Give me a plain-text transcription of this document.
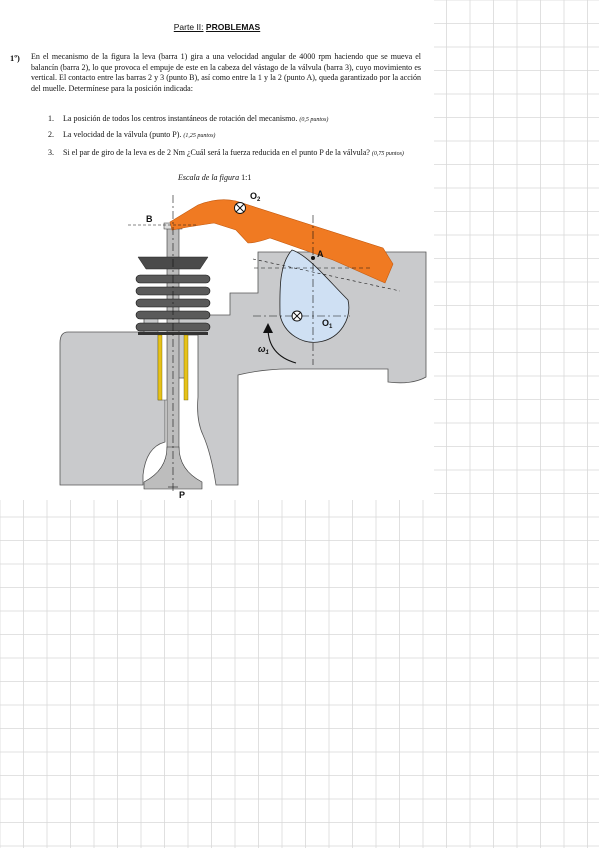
Parte II: PROBLEMAS
1º) En el mecanismo de la figura la leva (barra 1) gira a una velocidad angular de 4000 rpm haciendo que se mueva el balancín (barra 2), lo que provoca el empuje de este en la cabeza del vástago de la válvula (barra 3), cuyo movimiento es vertical. El contacto entre las barras 2 y 3 (punto B), así como entre la 1 y la 2 (punto A), queda garantizado por la acción del muelle. Determínese para la posición indicada:
1.	La posición de todos los centros instantáneos de rotación del mecanismo. (0,5 puntos)
2.	La velocidad de la válvula (punto P). (1,25 puntos)
3.	Si el par de giro de la leva es de 2 Nm ¿Cuál será la fuerza reducida en el punto P de la válvula? (0,75 puntos)
Escala de la figura 1:1
$O_2$
B
A
$O_1$
$\omega_1$
P
